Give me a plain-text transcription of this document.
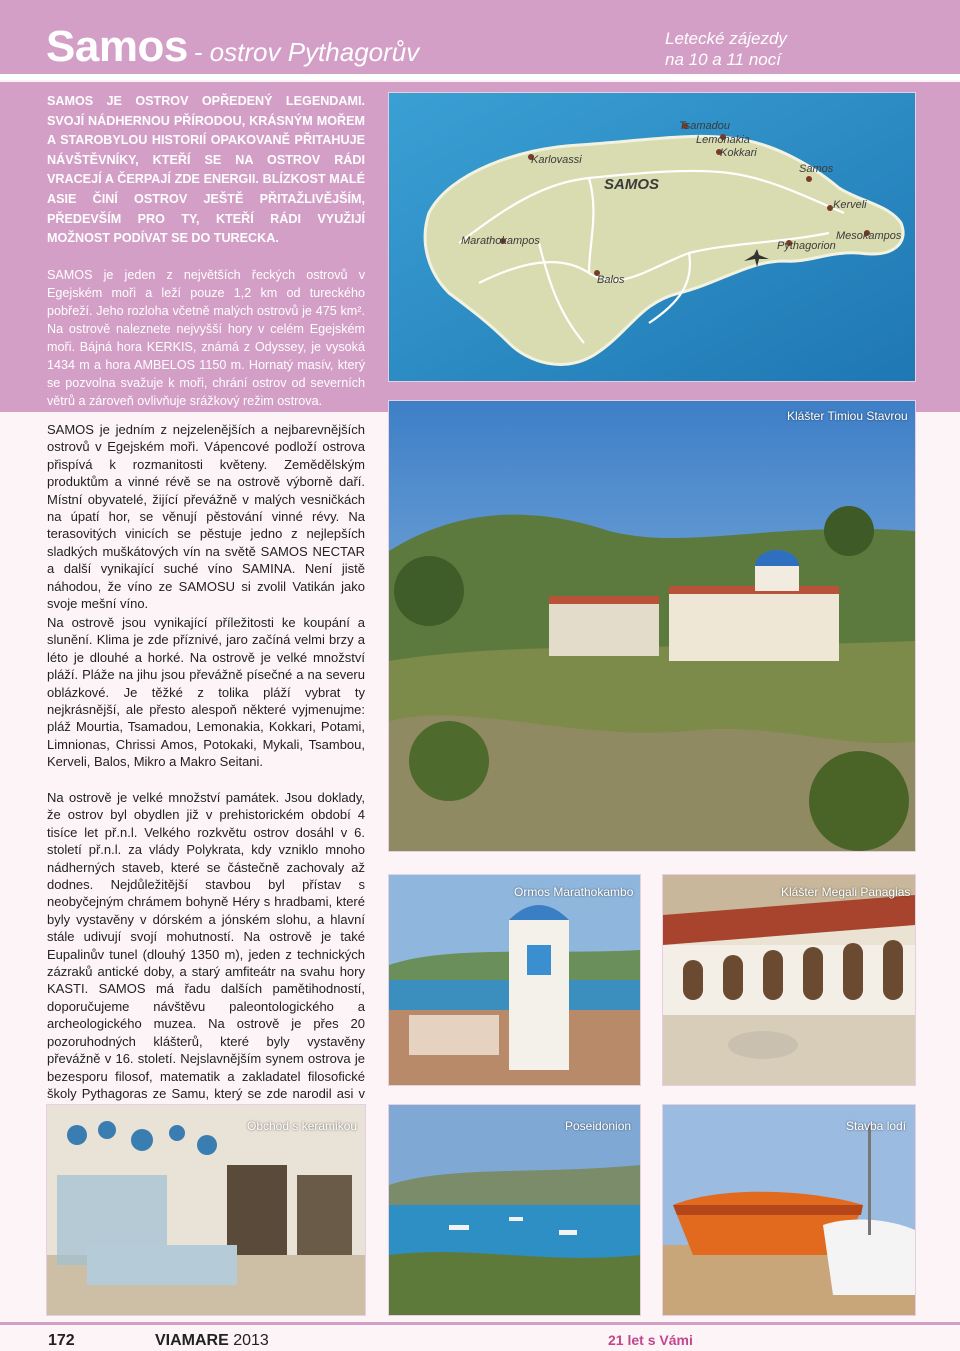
Samos - ostrov Pythagorův	Letecké zájezdy
na 10 a 11 nocí
SAMOS JE OSTROV OPŘEDENÝ LEGENDAMI. SVOJÍ NÁDHERNOU PŘÍRODOU, KRÁSNÝM MOŘEM A STAROBYLOU HISTORIÍ OPAKOVANĚ PŘITAHUJE NÁVŠTĚVNÍKY, KTEŘÍ SE NA OSTROV RÁDI VRACEJÍ A ČERPAJÍ ZDE ENERGII. BLÍZKOST MALÉ ASIE ČINÍ OSTROV JEŠTĚ PŘITAŽLIVĚJŠÍM, PŘEDEVŠÍM PRO TY, KTEŘÍ RÁDI VYUŽIJÍ MOŽNOST PODÍVAT SE DO TURECKA.
SAMOS je jeden z největších řeckých ostrovů v Egejském moři a leží pouze 1,2 km od tureckého pobřeží. Jeho rozloha včetně malých ostrovů je 475 km². Na ostrově naleznete nejvyšší hory v celém Egejském moři. Bájná hora KERKIS, známá z Odyssey, je vysoká 1434 m a hora AMBELOS 1150 m. Hornatý masív, který se pozvolna svažuje k moři, chrání ostrov od severních větrů a zároveň ovlivňuje srážkový režim ostrova.
SAMOS je jedním z nejzelenějších a nejbarevnějších ostrovů v Egejském moři. Vápencové podloží ostrova přispívá k rozmanitosti květeny. Zemědělským produktům a vinné révě se na ostrově výborně daří. Místní obyvatelé, žijící převážně v malých vesničkách na úpatí hor, se věnují pěstování vinné révy. Na terasovitých vinicích se pěstuje jedno z nejlepších sladkých muškátových vín na světě SAMOS NECTAR a další vynikající suché víno SAMINA. Není jistě náhodou, že víno ze SAMOSU si zvolil Vatikán jako svoje mešní víno.
Na ostrově jsou vynikající příležitosti ke koupání a slunění. Klima je zde příznivé, jaro začíná velmi brzy a léto je dlouhé a horké. Na ostrově je velké množství pláží. Pláže na jihu jsou převážně písečné a na severu oblázkové. Je těžké z tolika pláží vybrat ty nejkrásnější, ale přesto alespoň některé vyjmenujme: pláž Mourtia, Tsamadou, Lemonakia, Kokkari, Potami, Limnionas, Chrissi Amos, Potokaki, Mykali, Tsambou, Kerveli, Balos, Mikro a Makro Seitani.
Na ostrově je velké množství památek. Jsou doklady, že ostrov byl obydlen již v prehistorickém období 4 tisíce let př.n.l. Velkého rozkvětu ostrov dosáhl v 6. století př.n.l. za vlády Polykrata, kdy vzniklo mnoho nádherných staveb, které se částečně zachovaly až dodnes. Nejdůležitější stavbou byl přístav s neobyčejným chrámem bohyně Héry s hradbami, které byly vystavěny v dórském a jónském slohu, a hlavní stále udivují svojí mohutností. Na ostrově je také Eupalinův tunel (dlouhý 1350 m), jeden z technických zázraků antické doby, a starý amfiteátr na svahu hory KASTI. SAMOS má řadu dalších pamětihodností, doporučujeme návštěvu paleontologického a archeologického muzea. Na ostrově je přes 20 pozoruhodných klášterů, které byly vystavěny převážně v 16. století. Nejslavnějším synem ostrova je bezesporu filosof, matematik a zakladatel filosofické školy Pythagoras ze Samu, který se zde narodil asi v
SAMOS
Karlovassi
Tsamadou
Lemonakia
Kokkari
Samos
Kerveli
Mesokampos
Pythagorion
Marathokampos
Balos
Klášter Timiou Stavrou
Ormos Marathokambo	Klášter Megali Panagias
Obchod s keramikou	Poseidonion	Stavba lodí
172	VIAMARE 2013	21 let s Vámi
